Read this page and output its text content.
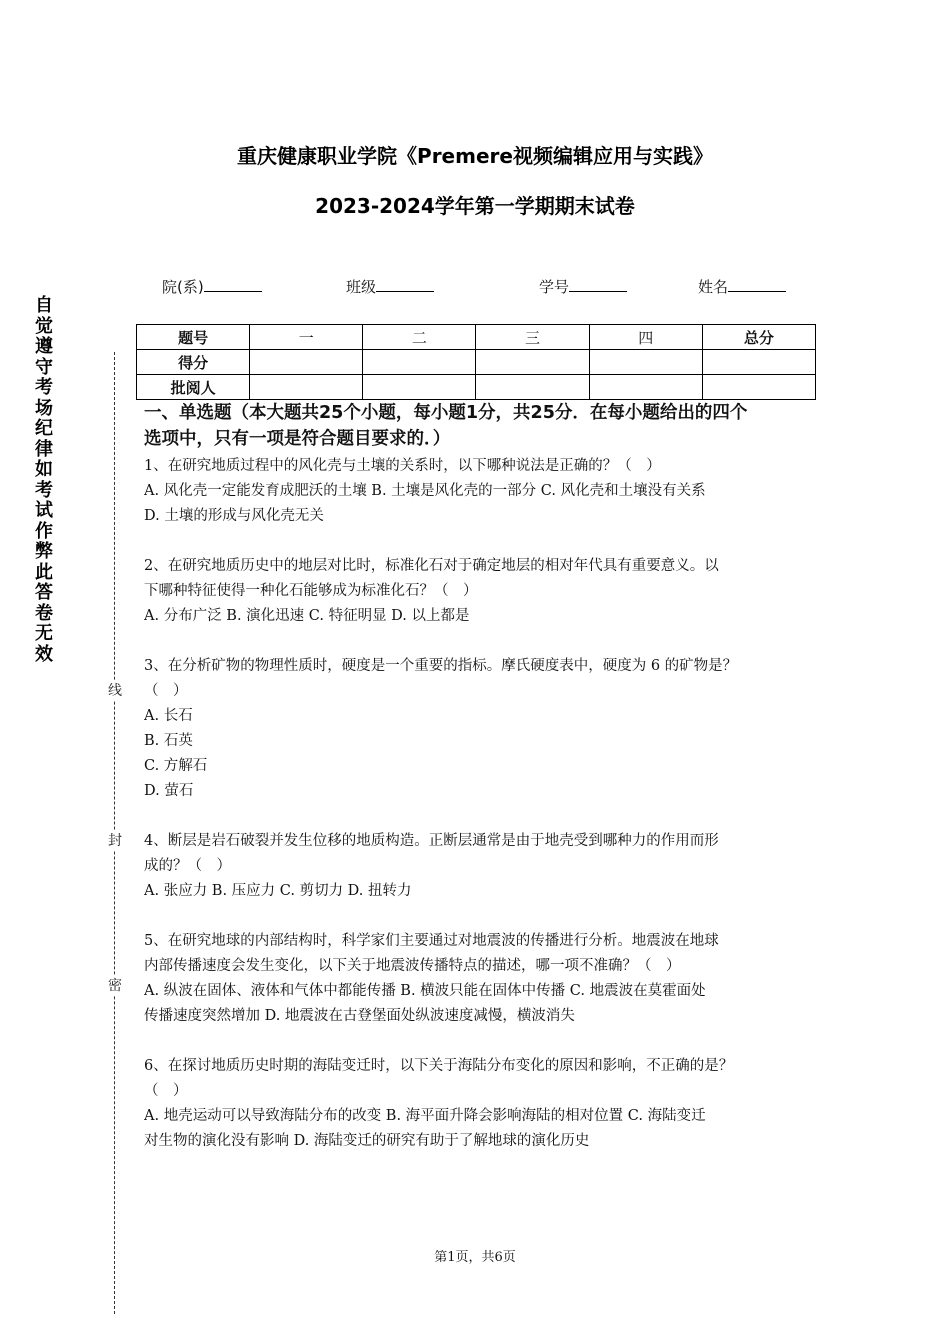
重庆健康职业学院《Premere视频编辑应用与实践》
2023-2024学年第一学期期末试卷
自觉遵守考场纪律如考试作弊此答卷无效
线
封
密
院(系)	班级	学号	姓名
题号	一	二	三	四	总分
得分					
批阅人					
一、单选题（本大题共25个小题，每小题1分，共25分．在每小题给出的四个
选项中，只有一项是符合题目要求的．）
1、在研究地质过程中的风化壳与土壤的关系时，以下哪种说法是正确的？（　）
A. 风化壳一定能发育成肥沃的土壤 B. 土壤是风化壳的一部分 C. 风化壳和土壤没有关系
D. 土壤的形成与风化壳无关
2、在研究地质历史中的地层对比时，标准化石对于确定地层的相对年代具有重要意义。以
下哪种特征使得一种化石能够成为标准化石？（　）
A. 分布广泛 B. 演化迅速 C. 特征明显 D. 以上都是
3、在分析矿物的物理性质时，硬度是一个重要的指标。摩氏硬度表中，硬度为 6 的矿物是？
（　）
A. 长石
B. 石英
C. 方解石
D. 萤石
4、断层是岩石破裂并发生位移的地质构造。正断层通常是由于地壳受到哪种力的作用而形
成的？（　）
A. 张应力 B. 压应力 C. 剪切力 D. 扭转力
5、在研究地球的内部结构时，科学家们主要通过对地震波的传播进行分析。地震波在地球
内部传播速度会发生变化，以下关于地震波传播特点的描述，哪一项不准确？（　）
A. 纵波在固体、液体和气体中都能传播 B. 横波只能在固体中传播 C. 地震波在莫霍面处
传播速度突然增加 D. 地震波在古登堡面处纵波速度减慢，横波消失
6、在探讨地质历史时期的海陆变迁时，以下关于海陆分布变化的原因和影响，不正确的是？
（　）
A. 地壳运动可以导致海陆分布的改变 B. 海平面升降会影响海陆的相对位置 C. 海陆变迁
对生物的演化没有影响 D. 海陆变迁的研究有助于了解地球的演化历史
第1页，共6页
